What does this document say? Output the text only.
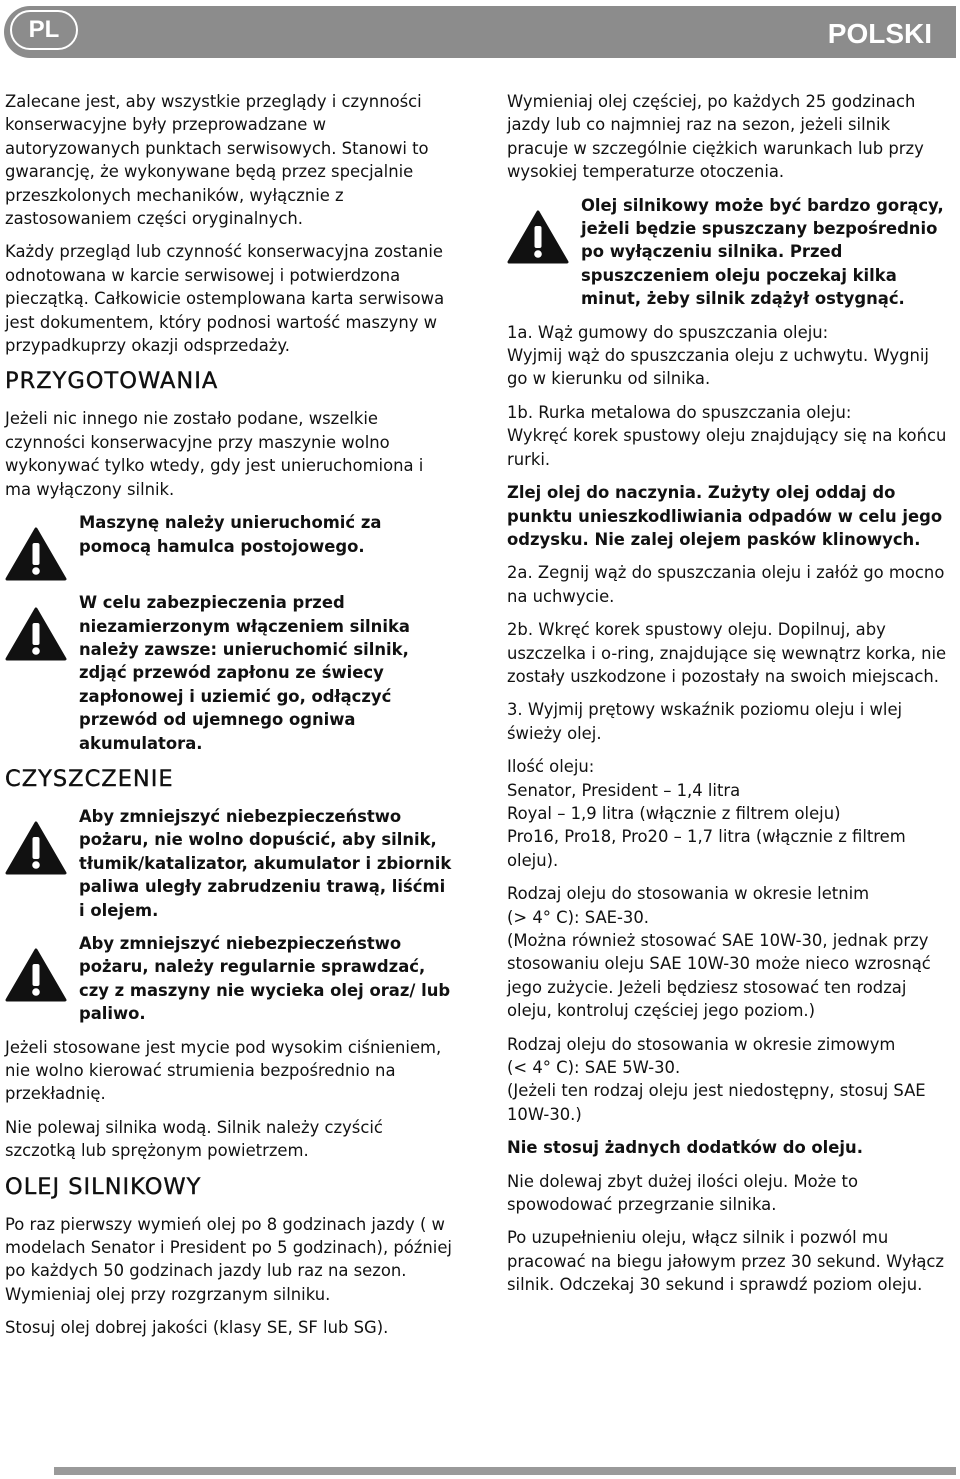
PL	POLSKI

Zalecane jest, aby wszystkie przeglądy i czynności konserwacyjne były przeprowadzane w autoryzowanych punktach serwisowych. Stanowi to gwarancję, że wykonywane będą przez specjalnie przeszkolonych mechaników, wyłącznie z zastosowaniem części oryginalnych.

Każdy przegląd lub czynność konserwacyjna zostanie odnotowana w karcie serwisowej i potwierdzona pieczątką. Całkowicie ostemplowana karta serwisowa jest dokumentem, który podnosi wartość maszyny w przypadkuprzy okazji odsprzedaży.

PRZYGOTOWANIA

Jeżeli nic innego nie zostało podane, wszelkie czynności konserwacyjne przy maszynie wolno wykonywać tylko wtedy, gdy jest unieruchomiona i ma wyłączony silnik.

Maszynę należy unieruchomić za pomocą hamulca postojowego.
W celu zabezpieczenia przed niezamierzonym włączeniem silnika należy zawsze: unieruchomić silnik, zdjąć przewód zapłonu ze świecy zapłonowej i uziemić go, odłączyć przewód od ujemnego ogniwa akumulatora.
CZYSZCZENIE
Aby zmniejszyć niebezpieczeństwo pożaru, nie wolno dopuścić, aby silnik, tłumik/katalizator, akumulator i zbiornik paliwa uległy zabrudzeniu trawą, liśćmi i olejem.
Aby zmniejszyć niebezpieczeństwo pożaru, należy regularnie sprawdzać, czy z maszyny nie wycieka olej oraz/ lub paliwo.

Jeżeli stosowane jest mycie pod wysokim ciśnieniem, nie wolno kierować strumienia bezpośrednio na przekładnię.

Nie polewaj silnika wodą. Silnik należy czyścić szczotką lub sprężonym powietrzem.

OLEJ SILNIKOWY

Po raz pierwszy wymień olej po 8 godzinach jazdy ( w modelach Senator i President po 5 godzinach), później po każdych 50 godzinach jazdy lub raz na sezon. Wymieniaj olej przy rozgrzanym silniku.

Stosuj olej dobrej jakości (klasy SE, SF lub SG).

Wymieniaj olej częściej, po każdych 25 godzinach jazdy lub co najmniej raz na sezon, jeżeli silnik pracuje w szczególnie ciężkich warunkach lub przy wysokiej temperaturze otoczenia.

Olej silnikowy może być bardzo gorący, jeżeli będzie spuszczany bezpośrednio po wyłączeniu silnika. Przed spuszczeniem oleju poczekaj kilka minut, żeby silnik zdążył ostygnąć.

1a. Wąż gumowy do spuszczania oleju:
Wyjmij wąż do spuszczania oleju z uchwytu. Wygnij go w kierunku od silnika.

1b. Rurka metalowa do spuszczania oleju:
Wykręć korek spustowy oleju znajdujący się na końcu rurki.

Zlej olej do naczynia. Zużyty olej oddaj do punktu unieszkodliwiania odpadów w celu jego odzysku. Nie zalej olejem pasków klinowych.

2a. Zegnij wąż do spuszczania oleju i załóż go mocno na uchwycie.

2b. Wkręć korek spustowy oleju. Dopilnuj, aby uszczelka i o-ring, znajdujące się wewnątrz korka, nie zostały uszkodzone i pozostały na swoich miejscach.

3. Wyjmij prętowy wskaźnik poziomu oleju i wlej świeży olej.

Ilość oleju:
Senator, President – 1,4 litra
Royal – 1,9 litra (włącznie z filtrem oleju)
Pro16, Pro18, Pro20 – 1,7 litra (włącznie z filtrem oleju).

Rodzaj oleju do stosowania w okresie letnim
(> 4° C): SAE-30.
(Można również stosować SAE 10W-30, jednak przy stosowaniu oleju SAE 10W-30 może nieco wzrosnąć jego zużycie. Jeżeli będziesz stosować ten rodzaj oleju, kontroluj częściej jego poziom.)

Rodzaj oleju do stosowania w okresie zimowym
(< 4° C): SAE 5W-30.
(Jeżeli ten rodzaj oleju jest niedostępny, stosuj SAE 10W-30.)

Nie stosuj żadnych dodatków do oleju.

Nie dolewaj zbyt dużej ilości oleju. Może to spowodować przegrzanie silnika.

Po uzupełnieniu oleju, włącz silnik i pozwól mu pracować na biegu jałowym przez 30 sekund. Wyłącz silnik. Odczekaj 30 sekund i sprawdź poziom oleju.
